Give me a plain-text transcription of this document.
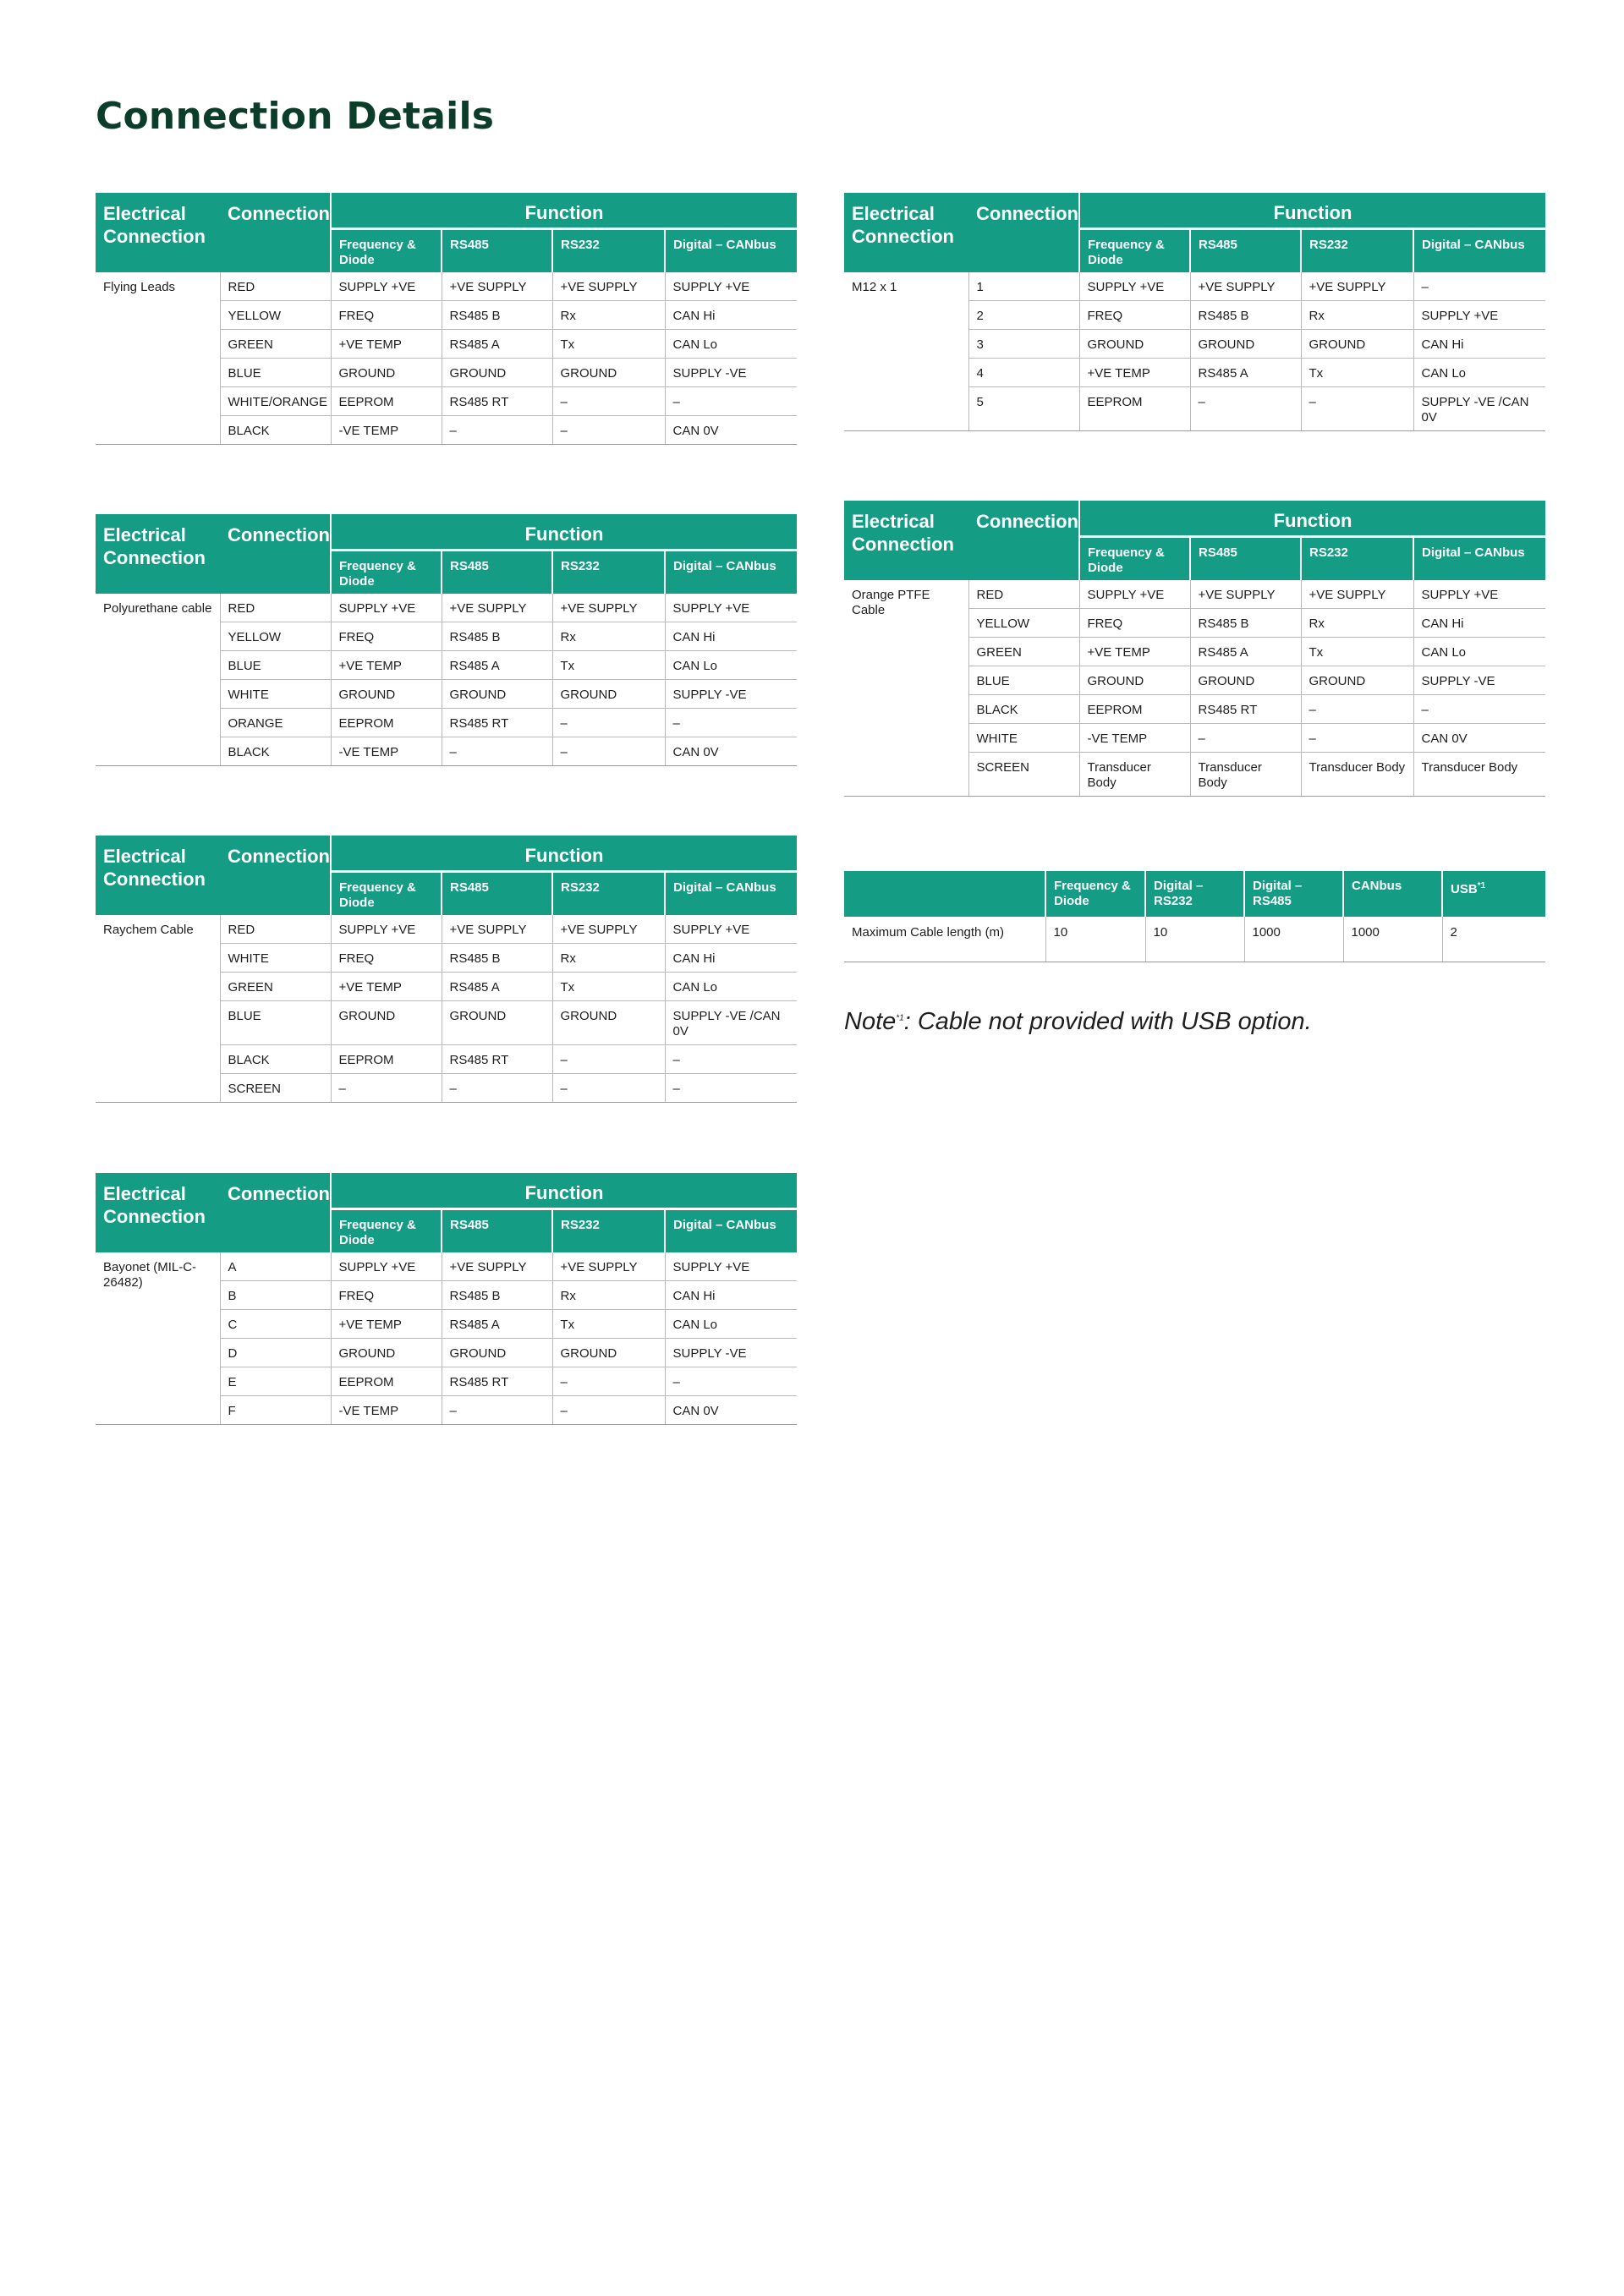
Connection Details
Electrical Connection	Connection	Function			
		Frequency & Diode	RS485	RS232	Digital – CANbus
Flying Leads	RED	SUPPLY +VE	+VE SUPPLY	+VE SUPPLY	SUPPLY +VE
	YELLOW	FREQ	RS485 B	Rx	CAN Hi
	GREEN	+VE TEMP	RS485 A	Tx	CAN Lo
	BLUE	GROUND	GROUND	GROUND	SUPPLY -VE
	WHITE/ORANGE	EEPROM	RS485 RT	–	–
	BLACK	-VE TEMP	–	–	CAN 0V
Electrical Connection	Connection	Function			
		Frequency & Diode	RS485	RS232	Digital – CANbus
M12 x 1	1	SUPPLY +VE	+VE SUPPLY	+VE SUPPLY	–
	2	FREQ	RS485 B	Rx	SUPPLY +VE
	3	GROUND	GROUND	GROUND	CAN Hi
	4	+VE TEMP	RS485 A	Tx	CAN Lo
	5	EEPROM	–	–	SUPPLY -VE /CAN 0V
Electrical Connection	Connection	Function			
		Frequency & Diode	RS485	RS232	Digital – CANbus
Polyurethane cable	RED	SUPPLY +VE	+VE SUPPLY	+VE SUPPLY	SUPPLY +VE
	YELLOW	FREQ	RS485 B	Rx	CAN Hi
	BLUE	+VE TEMP	RS485 A	Tx	CAN Lo
	WHITE	GROUND	GROUND	GROUND	SUPPLY -VE
	ORANGE	EEPROM	RS485 RT	–	–
	BLACK	-VE TEMP	–	–	CAN 0V
Electrical Connection	Connection	Function			
		Frequency & Diode	RS485	RS232	Digital – CANbus
Orange PTFE Cable	RED	SUPPLY +VE	+VE SUPPLY	+VE SUPPLY	SUPPLY +VE
	YELLOW	FREQ	RS485 B	Rx	CAN Hi
	GREEN	+VE TEMP	RS485 A	Tx	CAN Lo
	BLUE	GROUND	GROUND	GROUND	SUPPLY -VE
	BLACK	EEPROM	RS485 RT	–	–
	WHITE	-VE TEMP	–	–	CAN 0V
	SCREEN	Transducer Body	Transducer Body	Transducer Body	Transducer Body
Electrical Connection	Connection	Function			
		Frequency & Diode	RS485	RS232	Digital – CANbus
Raychem Cable	RED	SUPPLY +VE	+VE SUPPLY	+VE SUPPLY	SUPPLY +VE
	WHITE	FREQ	RS485 B	Rx	CAN Hi
	GREEN	+VE TEMP	RS485 A	Tx	CAN Lo
	BLUE	GROUND	GROUND	GROUND	SUPPLY -VE /CAN 0V
	BLACK	EEPROM	RS485 RT	–	–
	SCREEN	–	–	–	–
Electrical Connection	Connection	Function			
		Frequency & Diode	RS485	RS232	Digital – CANbus
Bayonet (MIL-C-26482)	A	SUPPLY +VE	+VE SUPPLY	+VE SUPPLY	SUPPLY +VE
	B	FREQ	RS485 B	Rx	CAN Hi
	C	+VE TEMP	RS485 A	Tx	CAN Lo
	D	GROUND	GROUND	GROUND	SUPPLY -VE
	E	EEPROM	RS485 RT	–	–
	F	-VE TEMP	–	–	CAN 0V
	Frequency & Diode	Digital – RS232	Digital – RS485	CANbus	USB$^{*1}$
Maximum Cable length (m)	10	10	1000	1000	2
Note$^{*1}$: Cable not provided with USB option.
